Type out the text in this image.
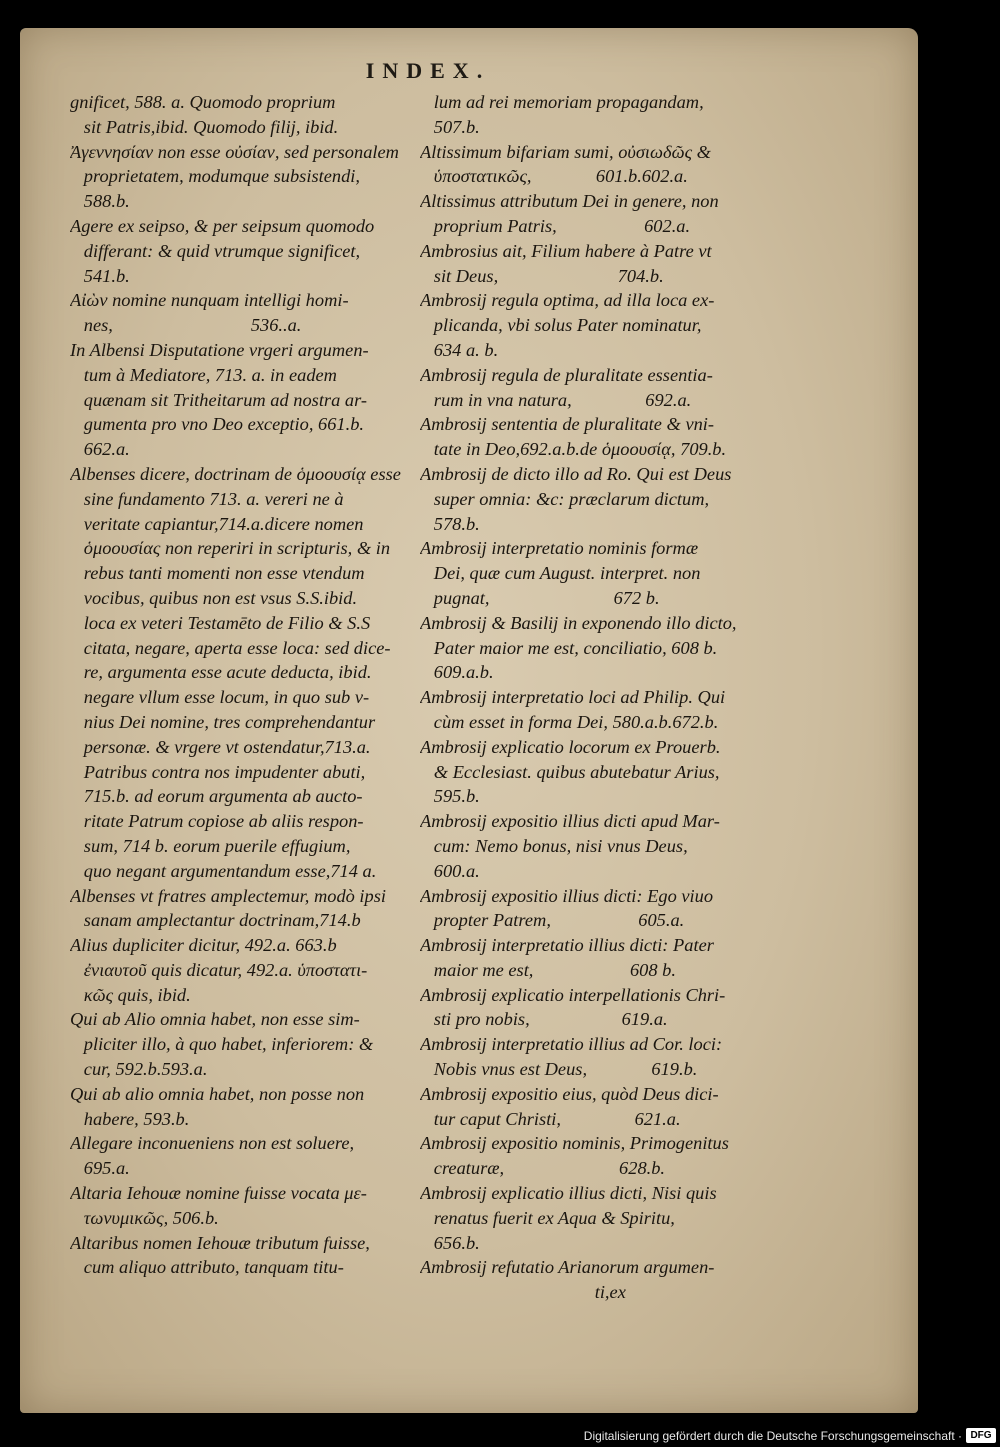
INDEX.
gnificet, 588. a. Quomodo proprium
sit Patris,ibid. Quomodo filij, ibid.
Ἀγεννησίαν non esse οὐσίαν, sed personalem
proprietatem, modumque subsistendi,
588.b.
Agere ex seipso, & per seipsum quomodo
differant: & quid vtrumque significet,
541.b.
Αἰὼν nomine nunquam intelligi homi-
nes,                              536..a.
In Albensi Disputatione vrgeri argumen-
tum à Mediatore, 713. a. in eadem
quænam sit Tritheitarum ad nostra ar-
gumenta pro vno Deo exceptio, 661.b.
662.a.
Albenses dicere, doctrinam de ὁμοουσίᾳ esse
sine fundamento 713. a. vereri ne à
veritate capiantur,714.a.dicere nomen
ὁμοουσίας non reperiri in scripturis, & in
rebus tanti momenti non esse vtendum
vocibus, quibus non est vsus S.S.ibid.
loca ex veteri Testamēto de Filio & S.S
citata, negare, aperta esse loca: sed dice-
re, argumenta esse acute deducta, ibid.
negare vllum esse locum, in quo sub v-
nius Dei nomine, tres comprehendantur
personæ. & vrgere vt ostendatur,713.a.
Patribus contra nos impudenter abuti,
715.b. ad eorum argumenta ab aucto-
ritate Patrum copiose ab aliis respon-
sum, 714 b. eorum puerile effugium,
quo negant argumentandum esse,714 a.
Albenses vt fratres amplectemur, modò ipsi
sanam amplectantur doctrinam,714.b
Alius dupliciter dicitur, 492.a. 663.b
ἐνιαυτοῦ quis dicatur, 492.a. ὑποστατι-
κῶς quis, ibid.
Qui ab Alio omnia habet, non esse sim-
pliciter illo, à quo habet, inferiorem: &
cur, 592.b.593.a.
Qui ab alio omnia habet, non posse non
habere, 593.b.
Allegare inconueniens non est soluere,
695.a.
Altaria Iehouæ nomine fuisse vocata με-
τωνυμικῶς, 506.b.
Altaribus nomen Iehouæ tributum fuisse,
cum aliquo attributo, tanquam titu-
lum ad rei memoriam propagandam,
507.b.
Altissimum bifariam sumi, οὐσιωδῶς &
ὑποστατικῶς,              601.b.602.a.
Altissimus attributum Dei in genere, non
proprium Patris,                   602.a.
Ambrosius ait, Filium habere à Patre vt
sit Deus,                          704.b.
Ambrosij regula optima, ad illa loca ex-
plicanda, vbi solus Pater nominatur,
634 a. b.
Ambrosij regula de pluralitate essentia-
rum in vna natura,                692.a.
Ambrosij sententia de pluralitate & vni-
tate in Deo,692.a.b.de ὁμοουσίᾳ, 709.b.
Ambrosij de dicto illo ad Ro. Qui est Deus
super omnia: &c: præclarum dictum,
578.b.
Ambrosij interpretatio nominis formæ
Dei, quæ cum August. interpret. non
pugnat,                           672 b.
Ambrosij & Basilij in exponendo illo dicto,
Pater maior me est, conciliatio, 608 b.
609.a.b.
Ambrosij interpretatio loci ad Philip. Qui
cùm esset in forma Dei, 580.a.b.672.b.
Ambrosij explicatio locorum ex Prouerb.
& Ecclesiast. quibus abutebatur Arius,
595.b.
Ambrosij expositio illius dicti apud Mar-
cum: Nemo bonus, nisi vnus Deus,
600.a.
Ambrosij expositio illius dicti: Ego viuo
propter Patrem,                   605.a.
Ambrosij interpretatio illius dicti: Pater
maior me est,                     608 b.
Ambrosij explicatio interpellationis Chri-
sti pro nobis,                    619.a.
Ambrosij interpretatio illius ad Cor. loci:
Nobis vnus est Deus,              619.b.
Ambrosij expositio eius, quòd Deus dici-
tur caput Christi,                621.a.
Ambrosij expositio nominis, Primogenitus
creaturæ,                         628.b.
Ambrosij explicatio illius dicti, Nisi quis
renatus fuerit ex Aqua & Spiritu,
656.b.
Ambrosij refutatio Arianorum argumen-
ti,ex
Digitalisierung gefördert durch die Deutsche Forschungsgemeinschaft · DFG
